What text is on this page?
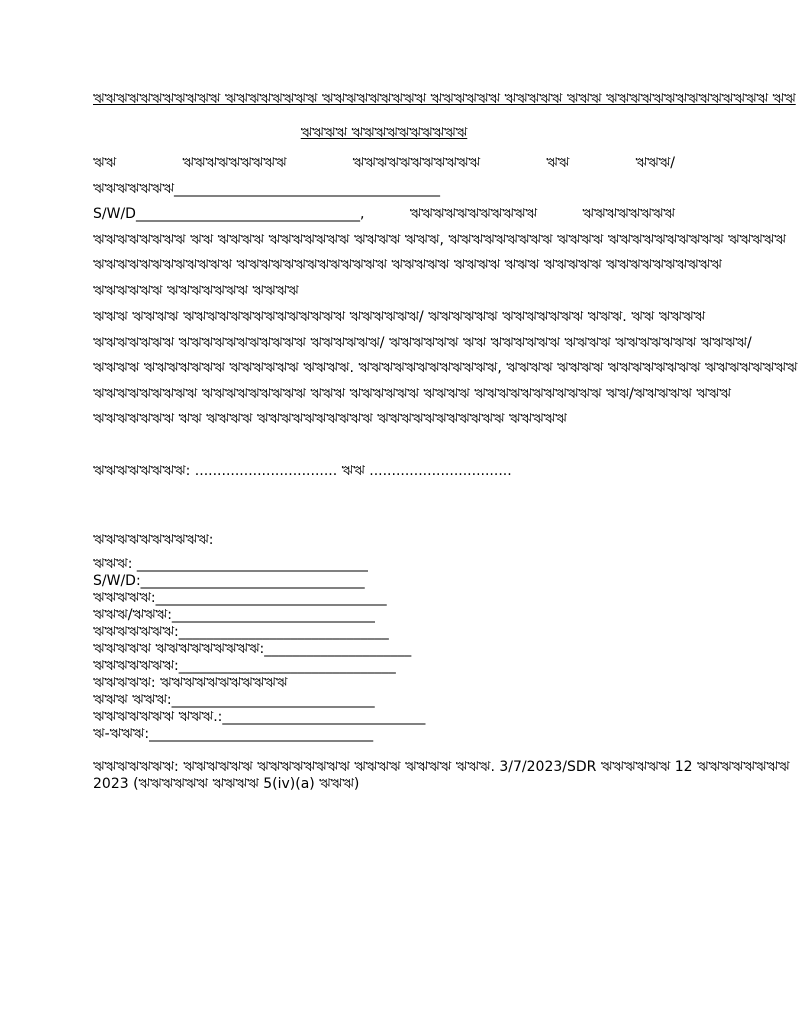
ঋঋঋঋঋঋঋঋঋঋঋ ঋঋঋঋঋঋঋঋ ঋঋঋঋঋঋঋঋঋ ঋঋঋঋঋঋ ঋঋঋঋঋ ঋঋঋ ঋঋঋঋঋঋঋঋঋঋঋঋঋঋ ঋঋ
ঋঋঋঋ ঋঋঋঋঋঋঋঋঋঋ
ঋঋ ঋঋঋঋঋঋঋঋঋ ঋঋঋঋঋঋঋঋঋঋঋ ঋঋ ঋঋঋ/
ঋঋঋঋঋঋঋ______________________________________
S/W/D________________________________, ঋঋঋঋঋঋঋঋঋঋঋ ঋঋঋঋঋঋঋঋ
ঋঋঋঋঋঋঋঋ ঋঋ ঋঋঋঋ ঋঋঋঋঋঋঋ ঋঋঋঋ ঋঋঋ, ঋঋঋঋঋঋঋঋঋ ঋঋঋঋ ঋঋঋঋঋঋঋঋঋঋ ঋঋঋঋঋ
ঋঋঋঋঋঋঋঋঋঋঋঋ ঋঋঋঋঋঋঋঋঋঋঋঋঋ ঋঋঋঋঋ ঋঋঋঋ ঋঋঋ ঋঋঋঋঋ ঋঋঋঋঋঋঋঋঋঋ
ঋঋঋঋঋঋ ঋঋঋঋঋঋঋ ঋঋঋঋ
ঋঋঋ ঋঋঋঋ ঋঋঋঋঋঋঋঋঋঋঋঋঋঋ ঋঋঋঋঋঋ/ ঋঋঋঋঋঋ ঋঋঋঋঋঋঋ ঋঋঋ. ঋঋ ঋঋঋঋ
ঋঋঋঋঋঋঋ ঋঋঋঋঋঋঋঋঋঋঋ ঋঋঋঋঋঋ/ ঋঋঋঋঋঋ ঋঋ ঋঋঋঋঋঋ ঋঋঋঋ ঋঋঋঋঋঋঋ ঋঋঋঋ/
ঋঋঋঋ ঋঋঋঋঋঋঋ ঋঋঋঋঋঋ ঋঋঋঋ. ঋঋঋঋঋঋঋঋঋঋঋঋ, ঋঋঋঋ ঋঋঋঋ ঋঋঋঋঋঋঋঋ ঋঋঋঋঋঋঋঋ
ঋঋঋঋঋঋঋঋঋ ঋঋঋঋঋঋঋঋঋ ঋঋঋ ঋঋঋঋঋঋ ঋঋঋঋ ঋঋঋঋঋঋঋঋঋঋঋ ঋঋ/ঋঋঋঋঋ ঋঋঋ
ঋঋঋঋঋঋঋ ঋঋ ঋঋঋঋ ঋঋঋঋঋঋঋঋঋঋ ঋঋঋঋঋঋঋঋঋঋঋ ঋঋঋঋঋ
ঋঋঋঋঋঋঋঋ: ................................ ঋঋ ................................
ঋঋঋঋঋঋঋঋঋঋ:
ঋঋঋ: _________________________________
S/W/D:________________________________
ঋঋঋঋঋ:_________________________________
ঋঋঋ/ঋঋঋ:_____________________________
ঋঋঋঋঋঋঋ:______________________________
ঋঋঋঋঋ ঋঋঋঋঋঋঋঋঋ:_____________________
ঋঋঋঋঋঋঋ:_______________________________
ঋঋঋঋঋ: ঋঋঋঋঋঋঋঋঋঋঋ
ঋঋঋ ঋঋঋ:_____________________________
ঋঋঋঋঋঋঋ ঋঋঋ.:_____________________________
ঋ-ঋঋঋ:________________________________
ঋঋঋঋঋঋঋ: ঋঋঋঋঋঋ ঋঋঋঋঋঋঋঋ ঋঋঋঋ ঋঋঋঋ ঋঋঋ. 3/7/2023/SDR ঋঋঋঋঋঋ 12 ঋঋঋঋঋঋঋঋ
2023 (ঋঋঋঋঋঋ ঋঋঋঋ 5(iv)(a) ঋঋঋ)
